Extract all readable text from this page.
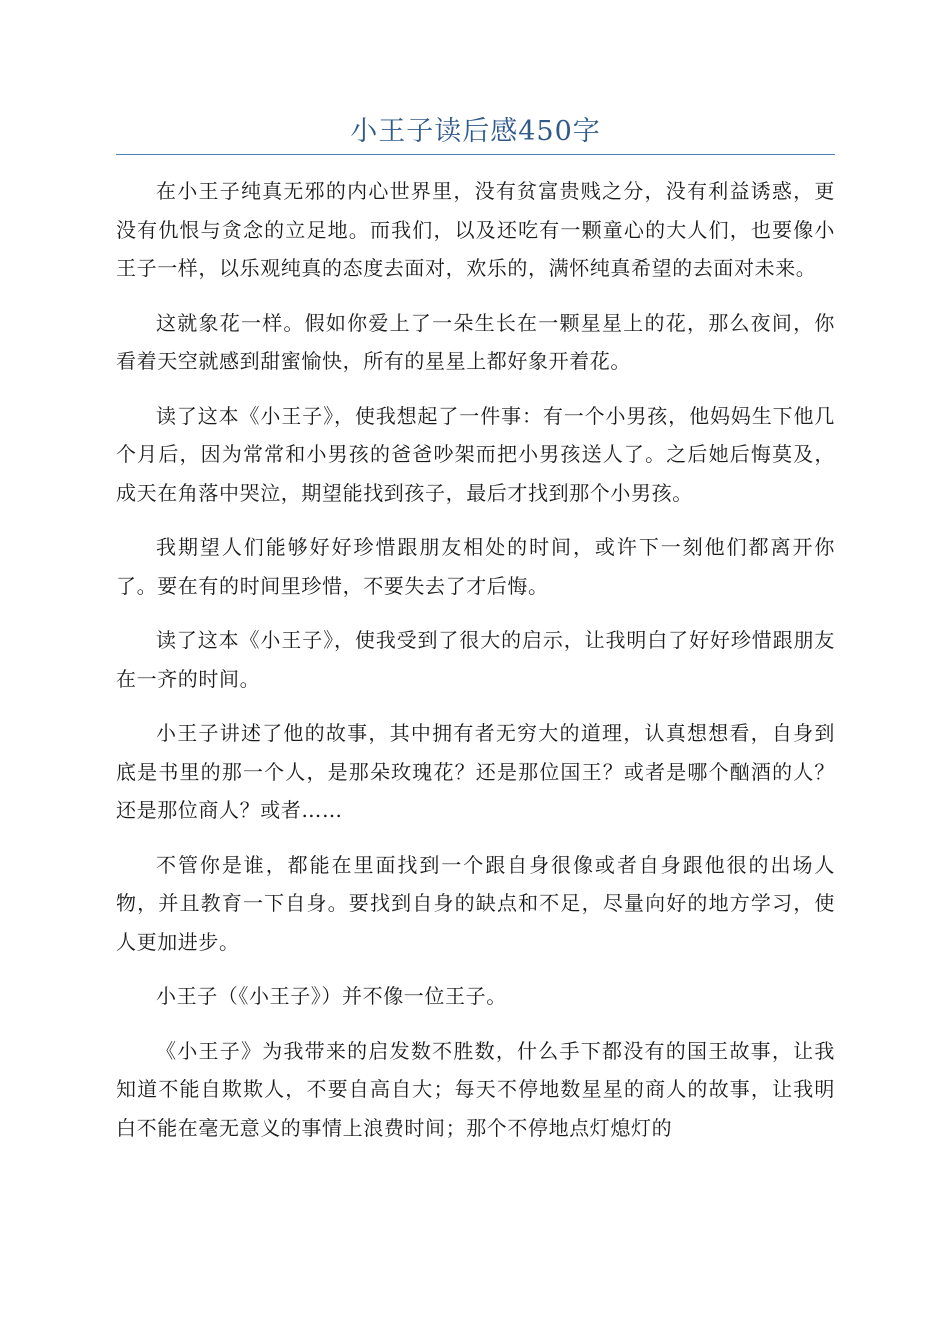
小王子读后感450字

在小王子纯真无邪的内心世界里，没有贫富贵贱之分，没有利益诱惑，更没有仇恨与贪念的立足地。而我们，以及还吃有一颗童心的大人们，也要像小王子一样，以乐观纯真的态度去面对，欢乐的，满怀纯真希望的去面对未来。

这就象花一样。假如你爱上了一朵生长在一颗星星上的花，那么夜间，你看着天空就感到甜蜜愉快，所有的星星上都好象开着花。

读了这本《小王子》，使我想起了一件事：有一个小男孩，他妈妈生下他几个月后，因为常常和小男孩的爸爸吵架而把小男孩送人了。之后她后悔莫及，成天在角落中哭泣，期望能找到孩子，最后才找到那个小男孩。

我期望人们能够好好珍惜跟朋友相处的时间，或许下一刻他们都离开你了。要在有的时间里珍惜，不要失去了才后悔。

读了这本《小王子》，使我受到了很大的启示，让我明白了好好珍惜跟朋友在一齐的时间。

小王子讲述了他的故事，其中拥有者无穷大的道理，认真想想看，自身到底是书里的那一个人，是那朵玫瑰花？还是那位国王？或者是哪个酗酒的人？还是那位商人？或者……

不管你是谁，都能在里面找到一个跟自身很像或者自身跟他很的出场人物，并且教育一下自身。要找到自身的缺点和不足，尽量向好的地方学习，使人更加进步。

小王子（《小王子》）并不像一位王子。

《小王子》为我带来的启发数不胜数，什么手下都没有的国王故事，让我知道不能自欺欺人，不要自高自大；每天不停地数星星的商人的故事，让我明白不能在毫无意义的事情上浪费时间；那个不停地点灯熄灯的
